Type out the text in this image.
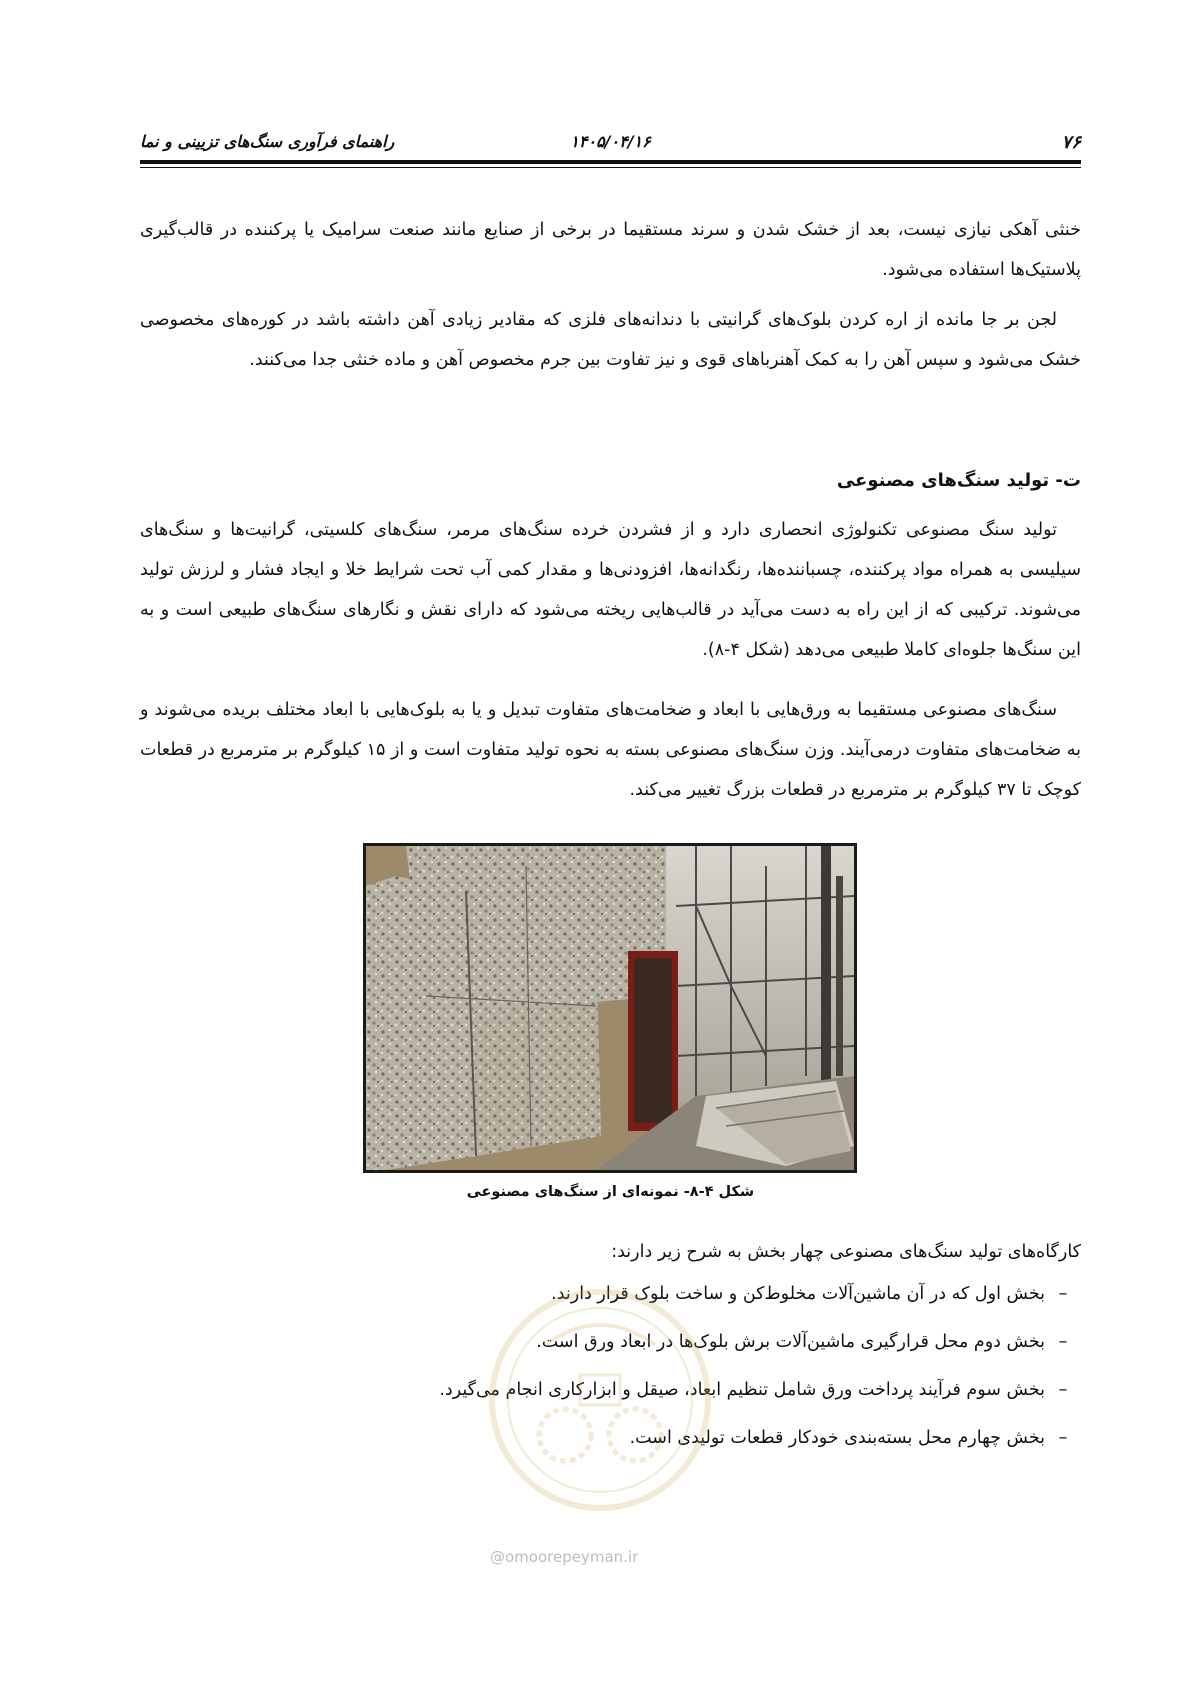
۷۶
۱۴۰۵/۰۴/۱۶
راهنمای فرآوری سنگ‌های تزیینی و نما
خنثی آهکی نیازی نیست، بعد از خشک شدن و سرند مستقیما در برخی از صنایع مانند صنعت سرامیک یا پرکننده در قالب‌گیری پلاستیک‌ها استفاده می‌شود.
لجن بر جا مانده از اره کردن بلوک‌های گرانیتی با دندانه‌های فلزی که مقادیر زیادی آهن داشته باشد در کوره‌های مخصوصی خشک می‌شود و سپس آهن را به کمک آهنرباهای قوی و نیز تفاوت بین جرم مخصوص آهن و ماده خنثی جدا می‌کنند.
ت- تولید سنگ‌های مصنوعی
تولید سنگ مصنوعی تکنولوژی انحصاری دارد و از فشردن خرده سنگ‌های مرمر، سنگ‌های کلسیتی، گرانیت‌ها و سنگ‌های سیلیسی به همراه مواد پرکننده، چسباننده‌ها، رنگدانه‌ها، افزودنی‌ها و مقدار کمی آب تحت شرایط خلا و ایجاد فشار و لرزش تولید می‌شوند. ترکیبی که از این راه به دست می‌آید در قالب‌هایی ریخته می‌شود که دارای نقش و نگارهای سنگ‌های طبیعی است و به این سنگ‌ها جلوه‌ای کاملا طبیعی می‌دهد (شکل ۴-۸).
سنگ‌های مصنوعی مستقیما به ورق‌هایی با ابعاد و ضخامت‌های متفاوت تبدیل و یا به بلوک‌هایی با ابعاد مختلف بریده می‌شوند و به ضخامت‌های متفاوت درمی‌آیند. وزن سنگ‌های مصنوعی بسته به نحوه تولید متفاوت است و از ۱۵ کیلوگرم بر مترمربع در قطعات کوچک تا ۳۷ کیلوگرم بر مترمربع در قطعات بزرگ تغییر می‌کند.
شکل ۴-۸- نمونه‌ای از سنگ‌های مصنوعی
کارگاه‌های تولید سنگ‌های مصنوعی چهار بخش به شرح زیر دارند:
–بخش اول که در آن ماشین‌آلات مخلوط‌کن و ساخت بلوک قرار دارند.
–بخش دوم محل قرارگیری ماشین‌آلات برش بلوک‌ها در ابعاد ورق است.
–بخش سوم فرآیند پرداخت ورق شامل تنظیم ابعاد، صیقل و ابزارکاری انجام می‌گیرد.
–بخش چهارم محل بسته‌بندی خودکار قطعات تولیدی است.
@omoorepeyman.ir
